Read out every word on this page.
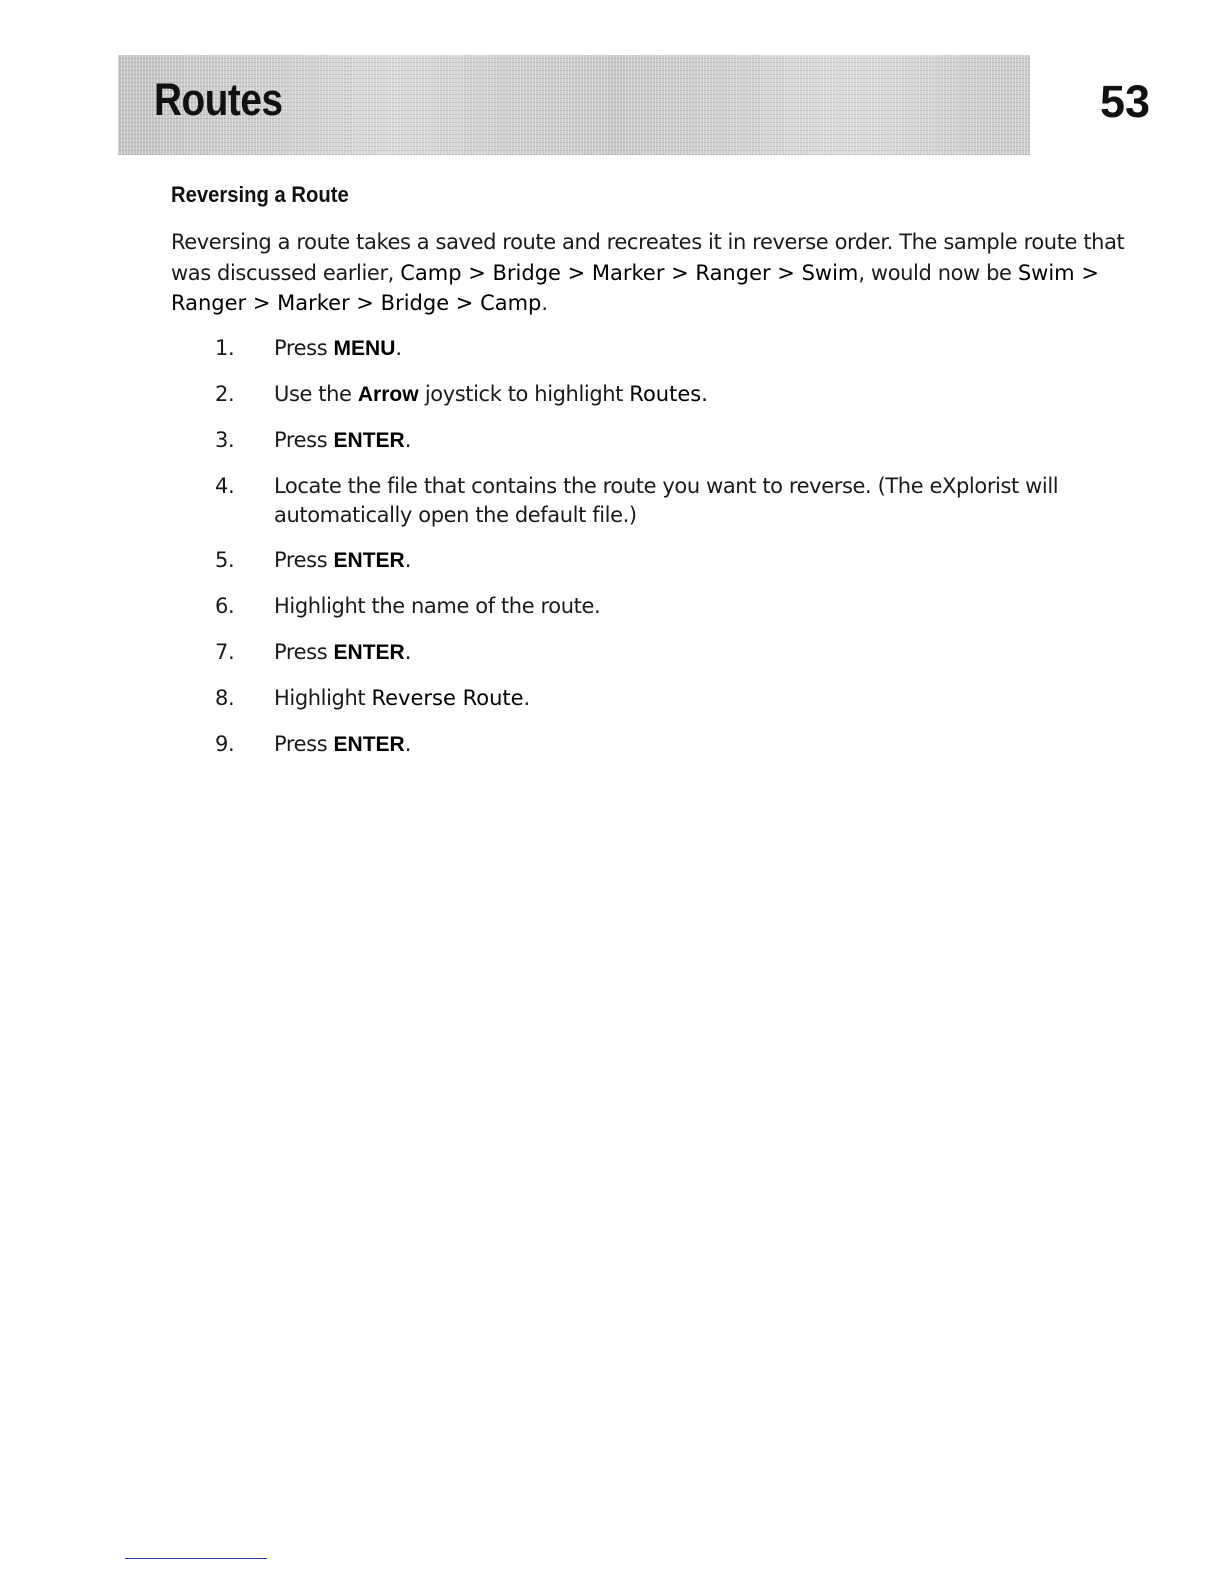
Routes	53
Reversing a Route

Reversing a route takes a saved route and recreates it in reverse order. The sample route that was discussed earlier, Camp > Bridge > Marker > Ranger > Swim, would now be Swim > Ranger > Marker > Bridge > Camp.

1.	Press MENU.
2.	Use the Arrow joystick to highlight Routes.
3.	Press ENTER.
4.	Locate the file that contains the route you want to reverse. (The eXplorist will automatically open the default file.)
5.	Press ENTER.
6.	Highlight the name of the route.
7.	Press ENTER.
8.	Highlight Reverse Route.
9.	Press ENTER.
